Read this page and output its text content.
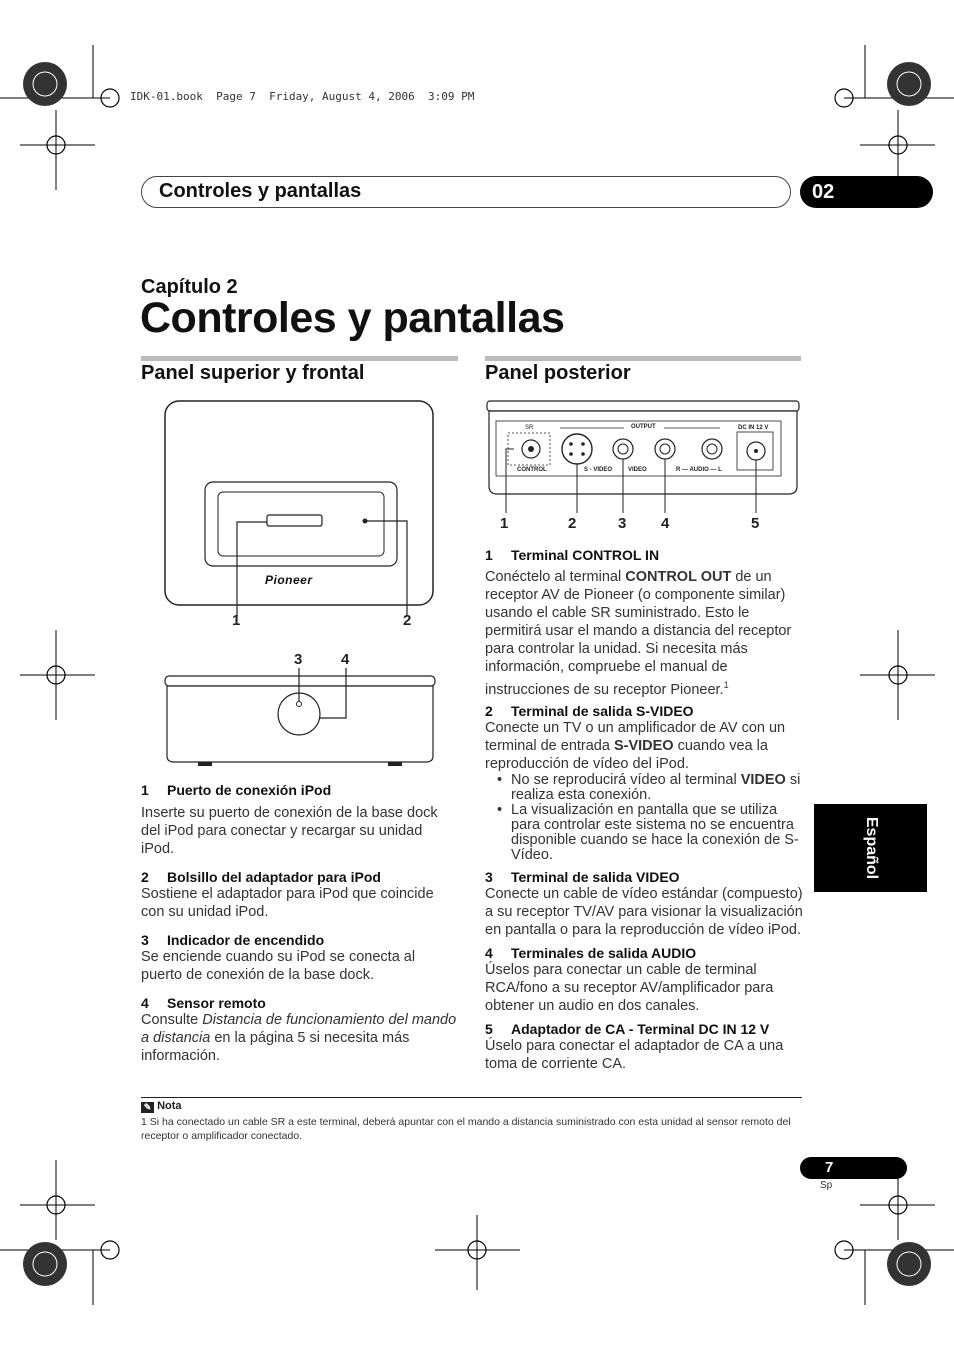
IDK-01.book  Page 7  Friday, August 4, 2006  3:09 PM
Controles y pantallas	02
Capítulo 2
Controles y pantallas
Panel superior y frontal	Panel posterior
Pioneer
1	2
3	4
SR	OUTPUT	DC IN 12 V
CONTROL	S - VIDEO	VIDEO	R — AUDIO — L
1	2	3 4	5
1 Puerto de conexión iPod
Inserte su puerto de conexión de la base dock del iPod para conectar y recargar su unidad iPod.
2 Bolsillo del adaptador para iPod
Sostiene el adaptador para iPod que coincide con su unidad iPod.
3 Indicador de encendido
Se enciende cuando su iPod se conecta al puerto de conexión de la base dock.
4 Sensor remoto
Consulte Distancia de funcionamiento del mando a distancia en la página 5 si necesita más información.
1 Terminal CONTROL IN
Conéctelo al terminal CONTROL OUT de un receptor AV de Pioneer (o componente similar) usando el cable SR suministrado. Esto le permitirá usar el mando a distancia del receptor para controlar la unidad. Si necesita más información, compruebe el manual de instrucciones de su receptor Pioneer.$^1$
2 Terminal de salida S-VIDEO
Conecte un TV o un amplificador de AV con un terminal de entrada S-VIDEO cuando vea la reproducción de vídeo del iPod.
• No se reproducirá vídeo al terminal VIDEO si realiza esta conexión.
• La visualización en pantalla que se utiliza para controlar este sistema no se encuentra disponible cuando se hace la conexión de S-Vídeo.
3 Terminal de salida VIDEO
Conecte un cable de vídeo estándar (compuesto) a su receptor TV/AV para visionar la visualización en pantalla o para la reproducción de vídeo iPod.
4 Terminales de salida AUDIO
Úselos para conectar un cable de terminal RCA/fono a su receptor AV/amplificador para obtener un audio en dos canales.
5 Adaptador de CA - Terminal DC IN 12 V
Úselo para conectar el adaptador de CA a una toma de corriente CA.
✎ Nota
1 Si ha conectado un cable SR a este terminal, deberá apuntar con el mando a distancia suministrado con esta unidad al sensor remoto del receptor o amplificador conectado.
Español
7
Sp
